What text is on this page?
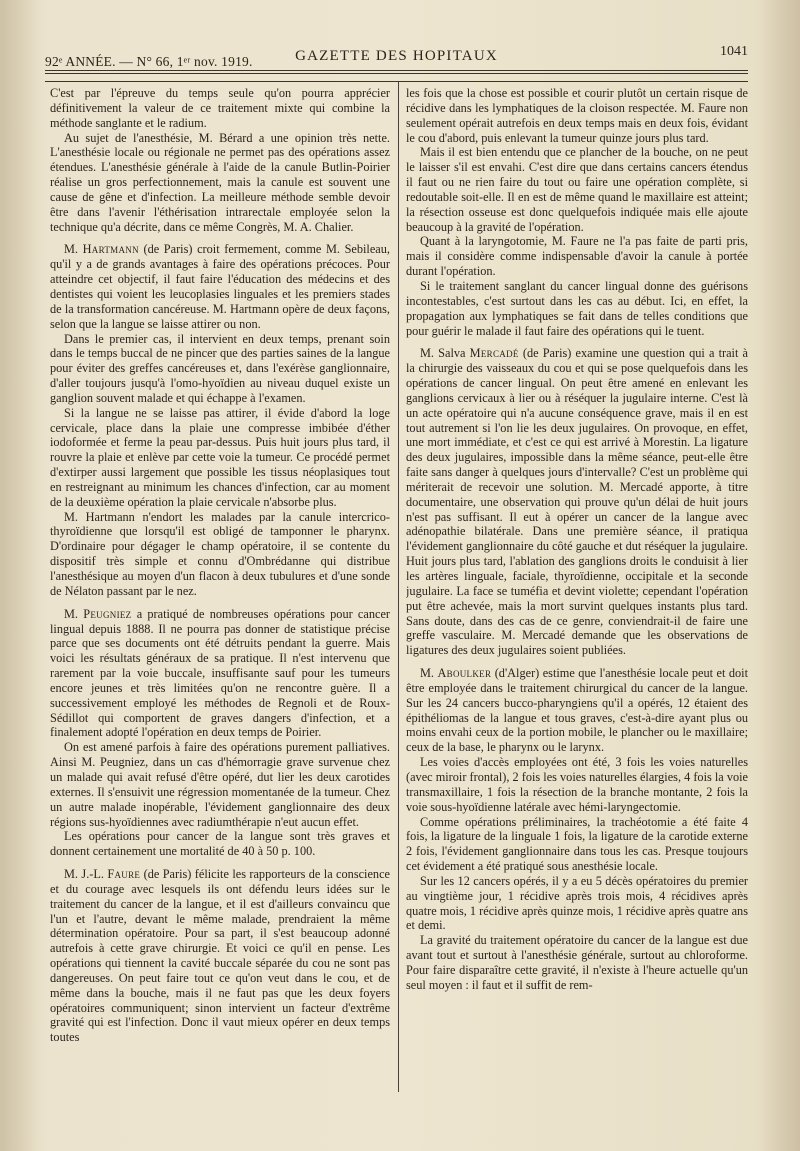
92ᵉ ANNÉE. — N° 66, 1ᵉʳ nov. 1919.	GAZETTE DES HOPITAUX	1041

C'est par l'épreuve du temps seule qu'on pourra apprécier définitivement la valeur de ce traitement mixte qui combine la méthode sanglante et le radium.

Au sujet de l'anesthésie, M. Bérard a une opinion très nette. L'anesthésie locale ou régionale ne permet pas des opérations assez étendues. L'anesthésie générale à l'aide de la canule Butlin-Poirier réalise un gros perfectionnement, mais la canule est souvent une cause de gêne et d'infection. La meilleure méthode semble devoir être dans l'avenir l'éthérisation intrarectale employée selon la technique qu'a décrite, dans ce même Congrès, M. A. Chalier.

M. Hartmann (de Paris) croit fermement, comme M. Sebileau, qu'il y a de grands avantages à faire des opérations précoces. Pour atteindre cet objectif, il faut faire l'éducation des médecins et des dentistes qui voient les leucoplasies linguales et les premiers stades de la transformation cancéreuse. M. Hartmann opère de deux façons, selon que la langue se laisse attirer ou non.

Dans le premier cas, il intervient en deux temps, prenant soin dans le temps buccal de ne pincer que des parties saines de la langue pour éviter des greffes cancéreuses et, dans l'exérèse ganglionnaire, d'aller toujours jusqu'à l'omo-hyoïdien au niveau duquel existe un ganglion souvent malade et qui échappe à l'examen.

Si la langue ne se laisse pas attirer, il évide d'abord la loge cervicale, place dans la plaie une compresse imbibée d'éther iodoformée et ferme la peau par-dessus. Puis huit jours plus tard, il rouvre la plaie et enlève par cette voie la tumeur. Ce procédé permet d'extirper aussi largement que possible les tissus néoplasiques tout en restreignant au minimum les chances d'infection, car au moment de la deuxième opération la plaie cervicale n'absorbe plus.

M. Hartmann n'endort les malades par la canule intercrico-thyroïdienne que lorsqu'il est obligé de tamponner le pharynx. D'ordinaire pour dégager le champ opératoire, il se contente du dispositif très simple et connu d'Ombrédanne qui distribue l'anesthésique au moyen d'un flacon à deux tubulures et d'une sonde de Nélaton passant par le nez.

M. Peugniez a pratiqué de nombreuses opérations pour cancer lingual depuis 1888. Il ne pourra pas donner de statistique précise parce que ses documents ont été détruits pendant la guerre. Mais voici les résultats généraux de sa pratique. Il n'est intervenu que rarement par la voie buccale, insuffisante sauf pour les tumeurs encore jeunes et très limitées qu'on ne rencontre guère. Il a successivement employé les méthodes de Regnoli et de Roux-Sédillot qui comportent de graves dangers d'infection, et a finalement adopté l'opération en deux temps de Poirier.

On est amené parfois à faire des opérations purement palliatives. Ainsi M. Peugniez, dans un cas d'hémorragie grave survenue chez un malade qui avait refusé d'être opéré, dut lier les deux carotides externes. Il s'ensuivit une régression momentanée de la tumeur. Chez un autre malade inopérable, l'évidement ganglionnaire des deux régions sus-hyoïdiennes avec radiumthérapie n'eut aucun effet.

Les opérations pour cancer de la langue sont très graves et donnent certainement une mortalité de 40 à 50 p. 100.

M. J.-L. Faure (de Paris) félicite les rapporteurs de la conscience et du courage avec lesquels ils ont défendu leurs idées sur le traitement du cancer de la langue, et il est d'ailleurs convaincu que l'un et l'autre, devant le même malade, prendraient la même détermination opératoire. Pour sa part, il s'est beaucoup adonné autrefois à cette grave chirurgie. Et voici ce qu'il en pense. Les opérations qui tiennent la cavité buccale séparée du cou ne sont pas dangereuses. On peut faire tout ce qu'on veut dans le cou, et de même dans la bouche, mais il ne faut pas que les deux foyers opératoires communiquent; sinon intervient un facteur d'extrême gravité qui est l'infection. Donc il vaut mieux opérer en deux temps toutes

les fois que la chose est possible et courir plutôt un certain risque de récidive dans les lymphatiques de la cloison respectée. M. Faure non seulement opérait autrefois en deux temps mais en deux fois, évidant le cou d'abord, puis enlevant la tumeur quinze jours plus tard.

Mais il est bien entendu que ce plancher de la bouche, on ne peut le laisser s'il est envahi. C'est dire que dans certains cancers étendus il faut ou ne rien faire du tout ou faire une opération complète, si redoutable soit-elle. Il en est de même quand le maxillaire est atteint; la résection osseuse est donc quelquefois indiquée mais elle ajoute beaucoup à la gravité de l'opération.

Quant à la laryngotomie, M. Faure ne l'a pas faite de parti pris, mais il considère comme indispensable d'avoir la canule à portée durant l'opération.

Si le traitement sanglant du cancer lingual donne des guérisons incontestables, c'est surtout dans les cas au début. Ici, en effet, la propagation aux lymphatiques se fait dans de telles conditions que pour guérir le malade il faut faire des opérations qui le tuent.

M. Salva Mercadé (de Paris) examine une question qui a trait à la chirurgie des vaisseaux du cou et qui se pose quelquefois dans les opérations de cancer lingual. On peut être amené en enlevant les ganglions cervicaux à lier ou à réséquer la jugulaire interne. C'est là un acte opératoire qui n'a aucune conséquence grave, mais il en est tout autrement si l'on lie les deux jugulaires. On provoque, en effet, une mort immédiate, et c'est ce qui est arrivé à Morestin. La ligature des deux jugulaires, impossible dans la même séance, peut-elle être faite sans danger à quelques jours d'intervalle? C'est un problème qui mériterait de recevoir une solution. M. Mercadé apporte, à titre documentaire, une observation qui prouve qu'un délai de huit jours n'est pas suffisant. Il eut à opérer un cancer de la langue avec adénopathie bilatérale. Dans une première séance, il pratiqua l'évidement ganglionnaire du côté gauche et dut réséquer la jugulaire. Huit jours plus tard, l'ablation des ganglions droits le conduisit à lier les artères linguale, faciale, thyroïdienne, occipitale et la seconde jugulaire. La face se tuméfia et devint violette; cependant l'opération put être achevée, mais la mort survint quelques instants plus tard. Sans doute, dans des cas de ce genre, conviendrait-il de faire une greffe vasculaire. M. Mercadé demande que les observations de ligatures des deux jugulaires soient publiées.

M. Aboulker (d'Alger) estime que l'anesthésie locale peut et doit être employée dans le traitement chirurgical du cancer de la langue. Sur les 24 cancers bucco-pharyngiens qu'il a opérés, 12 étaient des épithéliomas de la langue et tous graves, c'est-à-dire ayant plus ou moins envahi ceux de la portion mobile, le plancher ou le maxillaire; ceux de la base, le pharynx ou le larynx.

Les voies d'accès employées ont été, 3 fois les voies naturelles (avec miroir frontal), 2 fois les voies naturelles élargies, 4 fois la voie transmaxillaire, 1 fois la résection de la branche montante, 2 fois la voie sous-hyoïdienne latérale avec hémi-laryngectomie.

Comme opérations préliminaires, la trachéotomie a été faite 4 fois, la ligature de la linguale 1 fois, la ligature de la carotide externe 2 fois, l'évidement ganglionnaire dans tous les cas. Presque toujours cet évidement a été pratiqué sous anesthésie locale.

Sur les 12 cancers opérés, il y a eu 5 décès opératoires du premier au vingtième jour, 1 récidive après trois mois, 4 récidives après quatre mois, 1 récidive après quinze mois, 1 récidive après quatre ans et demi.

La gravité du traitement opératoire du cancer de la langue est due avant tout et surtout à l'anesthésie générale, surtout au chloroforme. Pour faire disparaître cette gravité, il n'existe à l'heure actuelle qu'un seul moyen : il faut et il suffit de rem-
